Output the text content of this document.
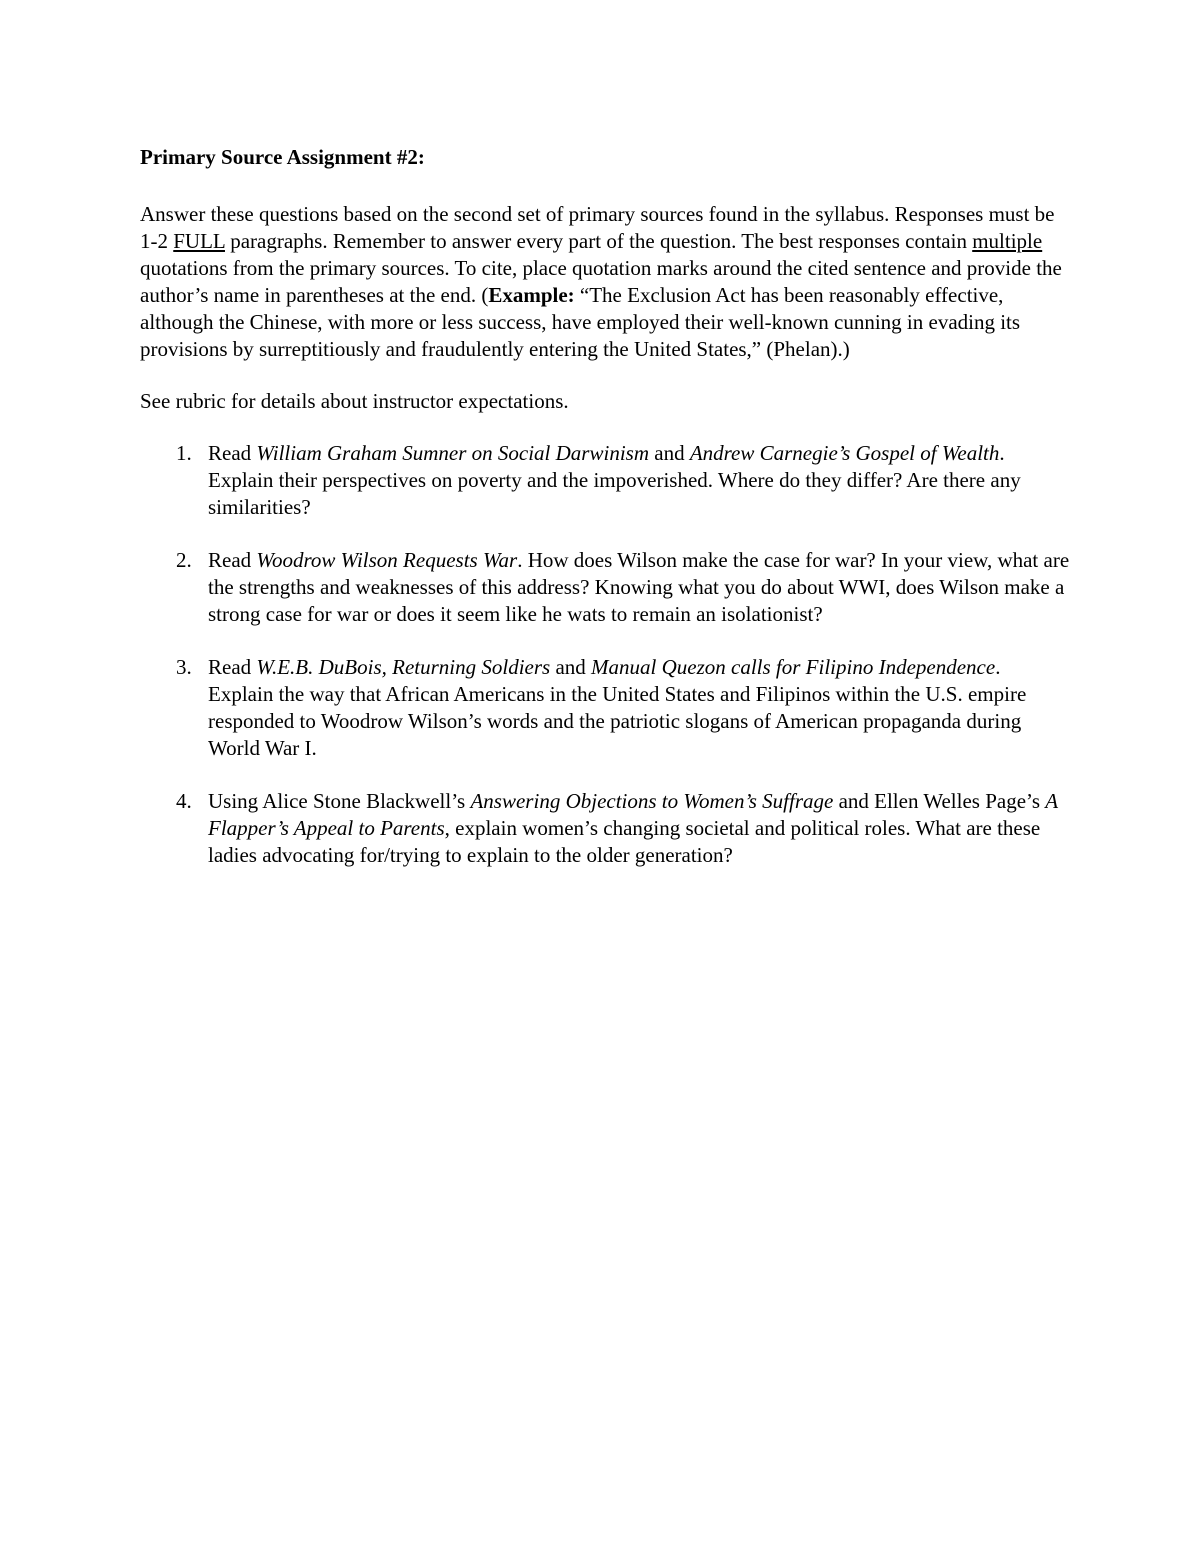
Primary Source Assignment #2:

Answer these questions based on the second set of primary sources found in the syllabus. Responses must be 1-2 FULL paragraphs. Remember to answer every part of the question. The best responses contain multiple quotations from the primary sources. To cite, place quotation marks around the cited sentence and provide the author’s name in parentheses at the end. (Example: “The Exclusion Act has been reasonably effective, although the Chinese, with more or less success, have employed their well-known cunning in evading its provisions by surreptitiously and fraudulently entering the United States,” (Phelan).)

See rubric for details about instructor expectations.

1. Read William Graham Sumner on Social Darwinism and Andrew Carnegie’s Gospel of Wealth. Explain their perspectives on poverty and the impoverished. Where do they differ? Are there any similarities?
2. Read Woodrow Wilson Requests War. How does Wilson make the case for war? In your view, what are the strengths and weaknesses of this address? Knowing what you do about WWI, does Wilson make a strong case for war or does it seem like he wats to remain an isolationist?
3. Read W.E.B. DuBois, Returning Soldiers and Manual Quezon calls for Filipino Independence. Explain the way that African Americans in the United States and Filipinos within the U.S. empire responded to Woodrow Wilson’s words and the patriotic slogans of American propaganda during World War I.
4. Using Alice Stone Blackwell’s Answering Objections to Women’s Suffrage and Ellen Welles Page’s A Flapper’s Appeal to Parents, explain women’s changing societal and political roles. What are these ladies advocating for/trying to explain to the older generation?
